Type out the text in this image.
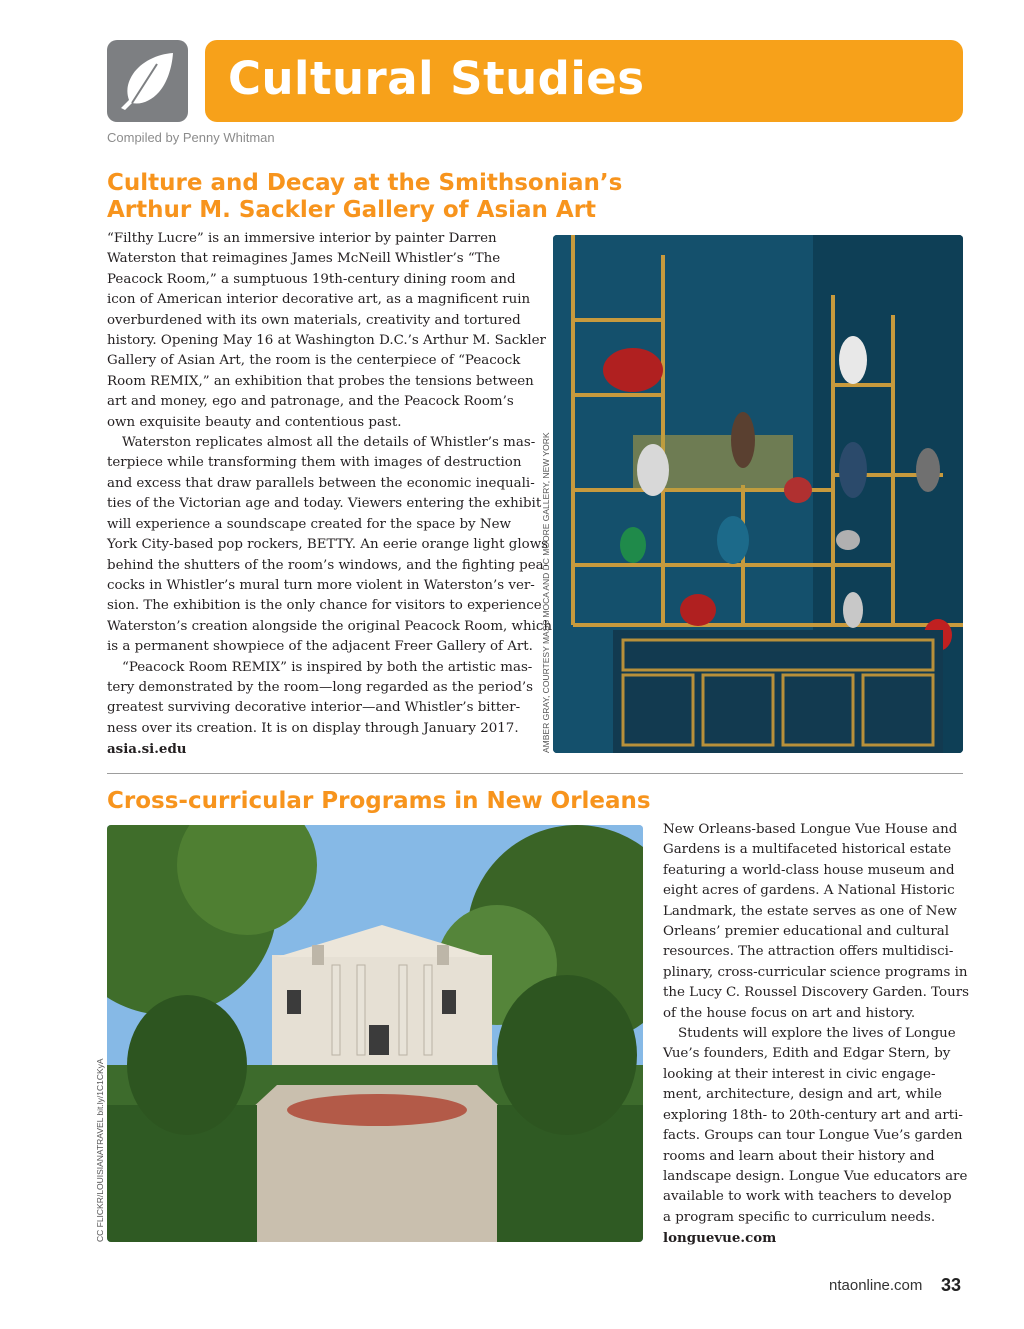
Cultural Studies
Compiled by Penny Whitman
Culture and Decay at the Smithsonian’s
Arthur M. Sackler Gallery of Asian Art

“Filthy Lucre” is an immersive interior by painter Darren

Waterston that reimagines James McNeill Whistler’s “The

Peacock Room,” a sumptuous 19th-century dining room and

icon of American interior decorative art, as a magnificent ruin

overburdened with its own materials, creativity and tortured

history. Opening May 16 at Washington D.C.’s Arthur M. Sackler

Gallery of Asian Art, the room is the centerpiece of “Peacock

Room REMIX,” an exhibition that probes the tensions between

art and money, ego and patronage, and the Peacock Room’s

own exquisite beauty and contentious past.

Waterston replicates almost all the details of Whistler’s mas-

terpiece while transforming them with images of destruction

and excess that draw parallels between the economic inequali-

ties of the Victorian age and today. Viewers entering the exhibit

will experience a soundscape created for the space by New

York City-based pop rockers, BETTY. An eerie orange light glows

behind the shutters of the room’s windows, and the fighting pea-

cocks in Whistler’s mural turn more violent in Waterston’s ver-

sion. The exhibition is the only chance for visitors to experience

Waterston’s creation alongside the original Peacock Room, which

is a permanent showpiece of the adjacent Freer Gallery of Art.

“Peacock Room REMIX” is inspired by both the artistic mas-

tery demonstrated by the room—long regarded as the period’s

greatest surviving decorative interior—and Whistler’s bitter-

ness over its creation. It is on display through January 2017.

asia.si.edu	AMBER GRAY, COURTESY MASS MOCA AND DC MOORE GALLERY, NEW YORK
Cross-curricular Programs in New Orleans
CC FLICKR/LOUISIANATRAVEL bit.ly/1C1CKyA

New Orleans-based Longue Vue House and

Gardens is a multifaceted historical estate

featuring a world-class house museum and

eight acres of gardens. A National Historic

Landmark, the estate serves as one of New

Orleans’ premier educational and cultural

resources. The attraction offers multidisci-

plinary, cross-curricular science programs in

the Lucy C. Roussel Discovery Garden. Tours

of the house focus on art and history.

Students will explore the lives of Longue

Vue’s founders, Edith and Edgar Stern, by

looking at their interest in civic engage-

ment, architecture, design and art, while

exploring 18th- to 20th-century art and arti-

facts. Groups can tour Longue Vue’s garden

rooms and learn about their history and

landscape design. Longue Vue educators are

available to work with teachers to develop

a program specific to curriculum needs.

longuevue.com

ntaonline.com 33
